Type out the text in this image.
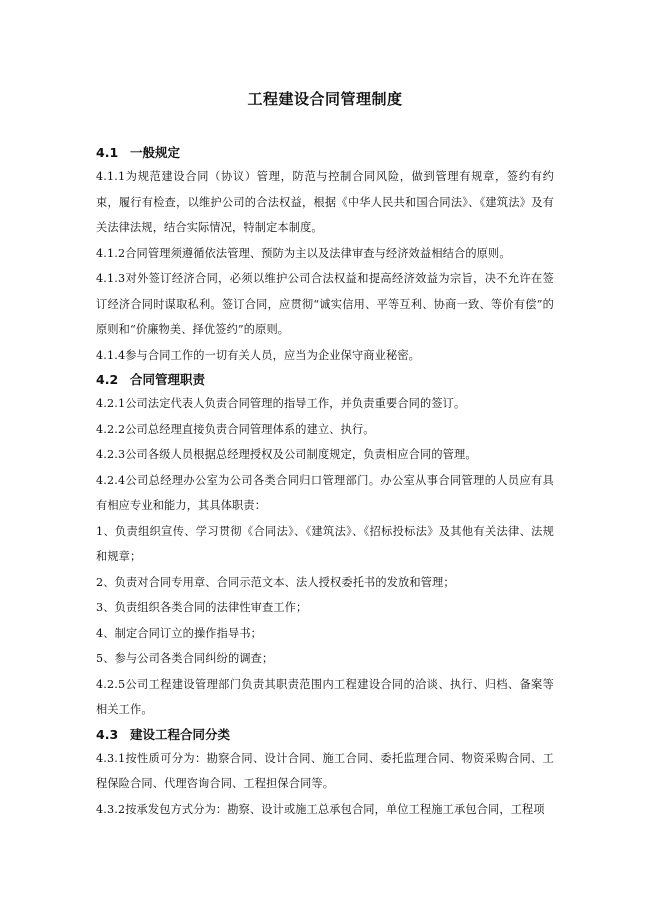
工程建设合同管理制度
4.1 一般规定
4.1.1为规范建设合同（协议）管理，防范与控制合同风险，做到管理有规章，签约有约束，履行有检查，以维护公司的合法权益，根据《中华人民共和国合同法》、《建筑法》及有关法律法规，结合实际情况，特制定本制度。
4.1.2合同管理须遵循依法管理、预防为主以及法律审查与经济效益相结合的原则。
4.1.3对外签订经济合同，必须以维护公司合法权益和提高经济效益为宗旨，决不允许在签订经济合同时谋取私利。签订合同，应贯彻“诚实信用、平等互利、协商一致、等价有偿”的原则和“价廉物美、择优签约”的原则。
4.1.4参与合同工作的一切有关人员，应当为企业保守商业秘密。
4.2 合同管理职责
4.2.1公司法定代表人负责合同管理的指导工作，并负责重要合同的签订。
4.2.2公司总经理直接负责合同管理体系的建立、执行。
4.2.3公司各级人员根据总经理授权及公司制度规定，负责相应合同的管理。
4.2.4公司总经理办公室为公司各类合同归口管理部门。办公室从事合同管理的人员应有具有相应专业和能力，其具体职责：
1、负责组织宣传、学习贯彻《合同法》、《建筑法》、《招标投标法》及其他有关法律、法规和规章；
2、负责对合同专用章、合同示范文本、法人授权委托书的发放和管理；
3、负责组织各类合同的法律性审查工作；
4、制定合同订立的操作指导书；
5、参与公司各类合同纠纷的调查；
4.2.5公司工程建设管理部门负责其职责范围内工程建设合同的洽谈、执行、归档、备案等相关工作。
4.3 建设工程合同分类
4.3.1按性质可分为：勘察合同、设计合同、施工合同、委托监理合同、物资采购合同、工程保险合同、代理咨询合同、工程担保合同等。
4.3.2按承发包方式分为：勘察、设计或施工总承包合同，单位工程施工承包合同，工程项
